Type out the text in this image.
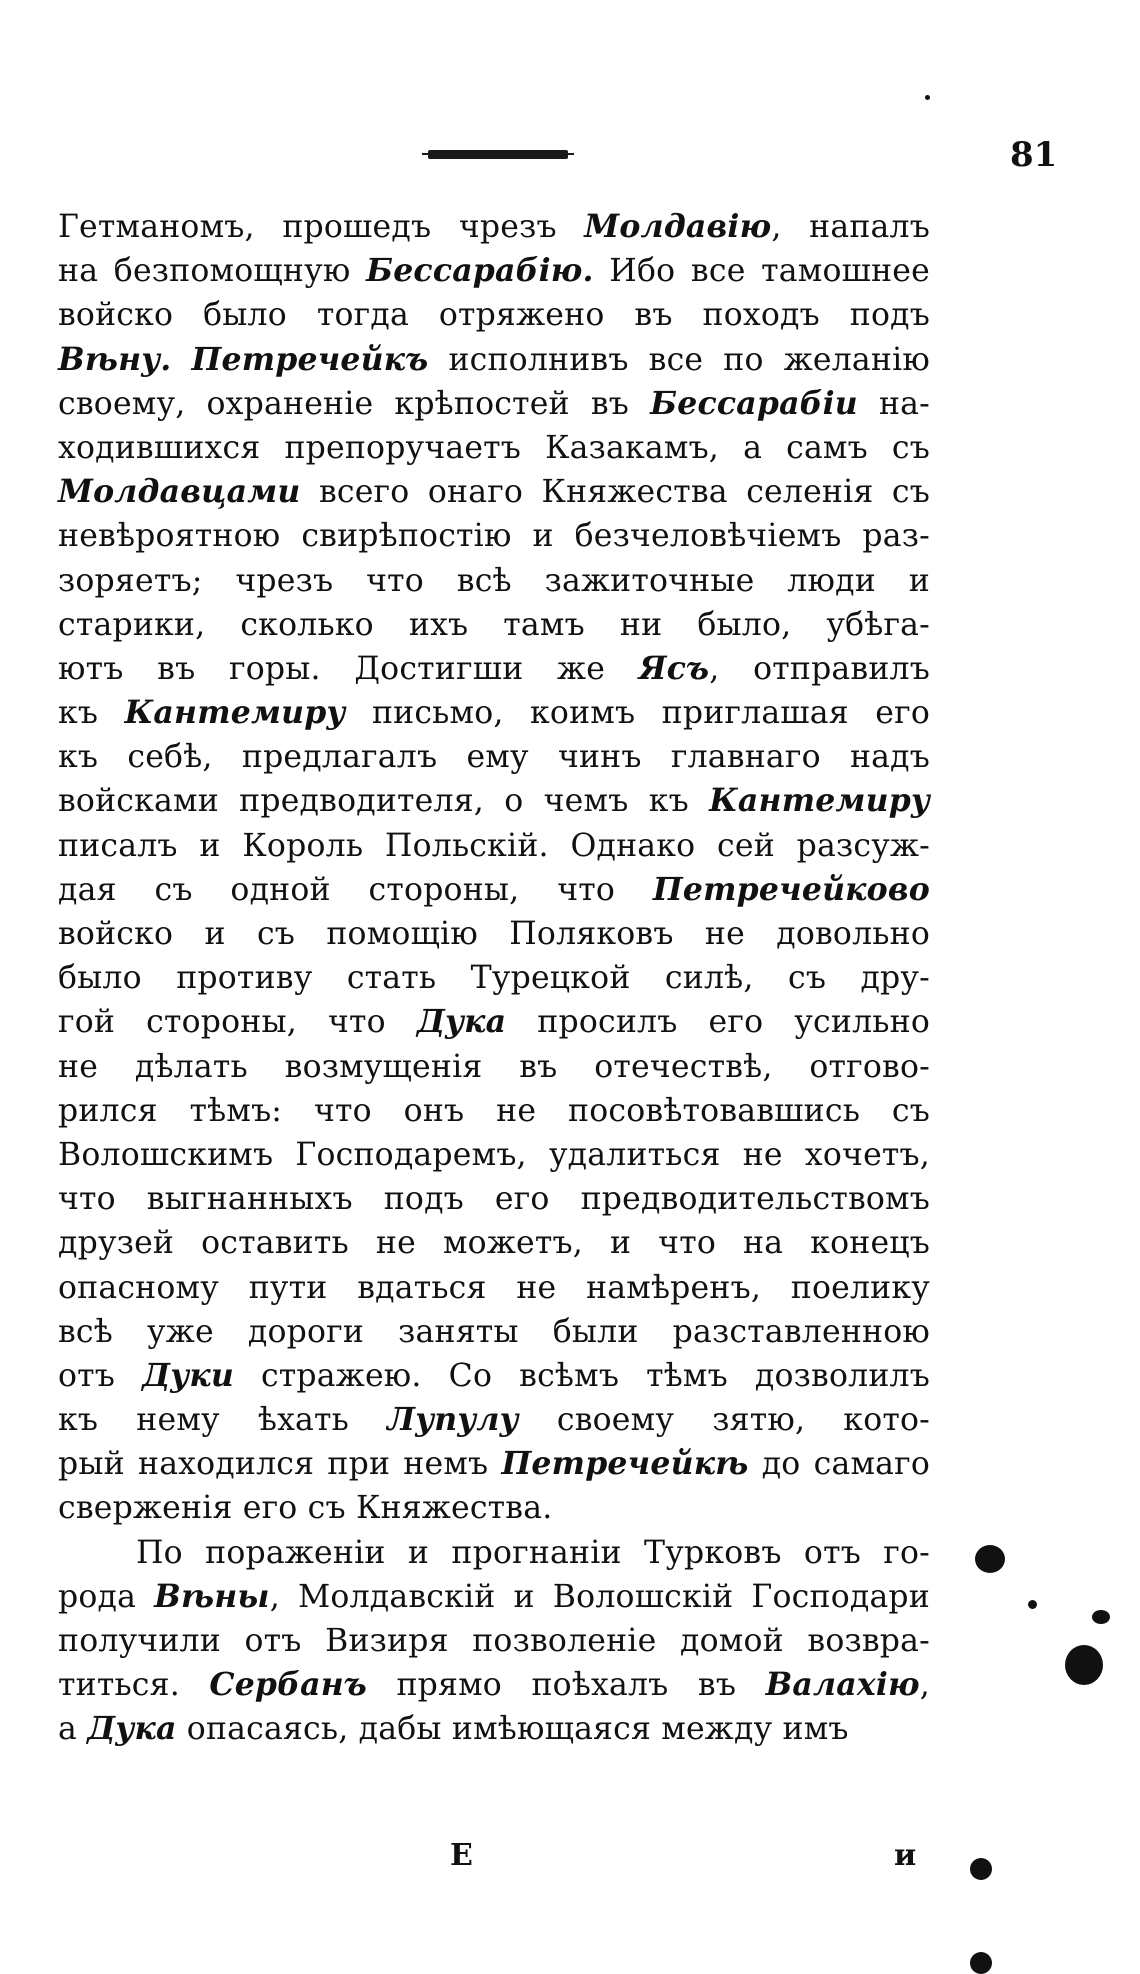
81
Гетманомъ, прошедъ чрезъ Молдавію, напалъ
на безпомощную Бессарабію. Ибо все тамошнее
войско было тогда отряжено въ походъ подъ
Вѣну. Петречейкъ исполнивъ все по желанію
своему, охраненіе крѣпостей въ Бессарабіи на-
ходившихся препоручаетъ Казакамъ, а самъ съ
Молдавцами всего онаго Княжества селенія съ
невѣроятною свирѣпостію и безчеловѣчіемъ раз-
зоряетъ; чрезъ что всѣ зажиточные люди и
старики, сколько ихъ тамъ ни было, убѣга-
ютъ въ горы. Достигши же Ясъ, отправилъ
къ Кантемиру письмо, коимъ приглашая его
къ себѣ, предлагалъ ему чинъ главнаго надъ
войсками предводителя, о чемъ къ Кантемиру
писалъ и Король Польскій. Однако сей разсуж-
дая съ одной стороны, что Петречейково
войско и съ помощію Поляковъ не довольно
было противу стать Турецкой силѣ, съ дру-
гой стороны, что Дука просилъ его усильно
не дѣлать возмущенія въ отечествѣ, отгово-
рился тѣмъ: что онъ не посовѣтовавшись съ
Волошскимъ Господаремъ, удалиться не хочетъ,
что выгнанныхъ подъ его предводительствомъ
друзей оставить не можетъ, и что на конецъ
опасному пути вдаться не намѣренъ, поелику
всѣ уже дороги заняты были разставленною
отъ Дуки стражею. Со всѣмъ тѣмъ дозволилъ
къ нему ѣхать Лупулу своему зятю, кото-
рый находился при немъ Петречейкѣ до самаго
сверженія его съ Княжества.
По пораженіи и прогнаніи Турковъ отъ го-
рода Вѣны, Молдавскій и Волошскій Господари
получили отъ Визиря позволеніе домой возвра-
титься. Сербанъ прямо поѣхалъ въ Валахію,
а Дука опасаясь, дабы имѣющаяся между имъ
Е	и
